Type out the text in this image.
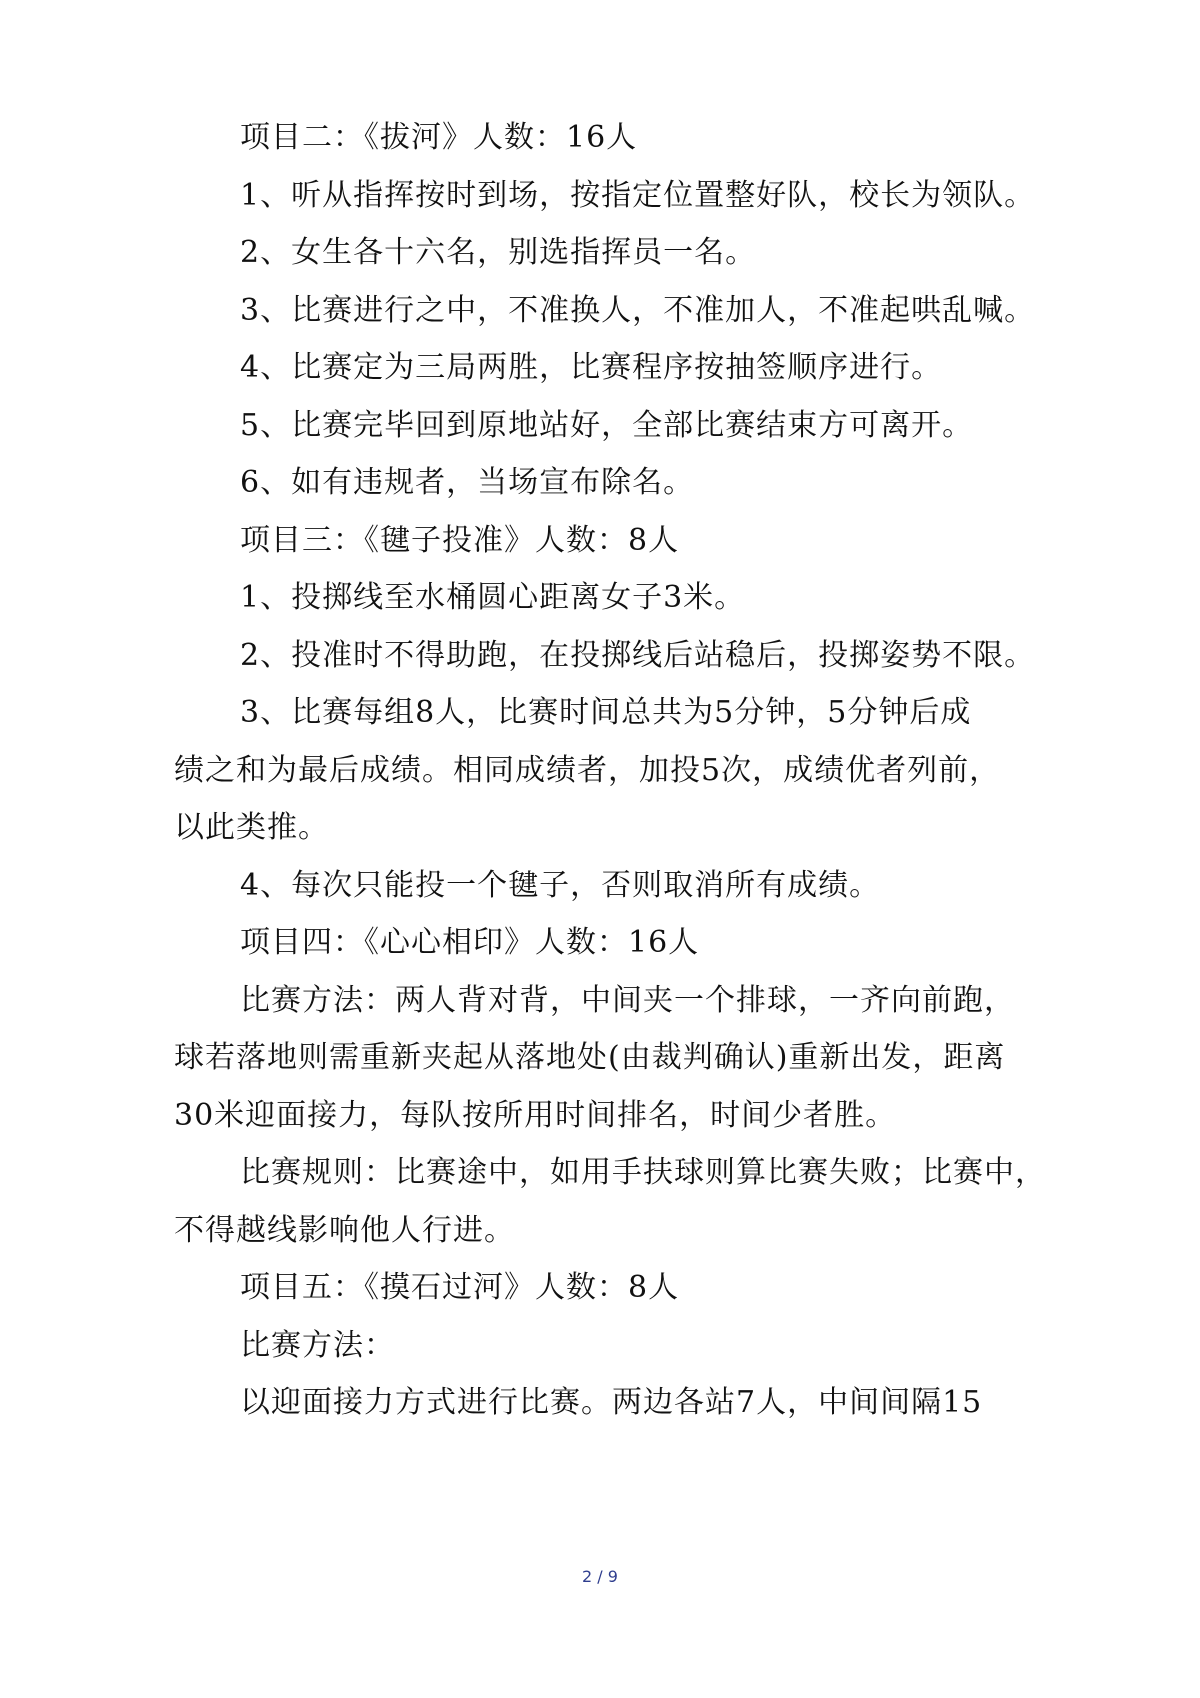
项目二：《拔河》人数：16人
1、听从指挥按时到场，按指定位置整好队，校长为领队。
2、女生各十六名，别选指挥员一名。
3、比赛进行之中，不准换人，不准加人，不准起哄乱喊。
4、比赛定为三局两胜，比赛程序按抽签顺序进行。
5、比赛完毕回到原地站好，全部比赛结束方可离开。
6、如有违规者，当场宣布除名。
项目三：《毽子投准》人数：8人
1、投掷线至水桶圆心距离女子3米。
2、投准时不得助跑，在投掷线后站稳后，投掷姿势不限。
3、比赛每组8人，比赛时间总共为5分钟，5分钟后成
绩之和为最后成绩。相同成绩者，加投5次，成绩优者列前，
以此类推。
4、每次只能投一个毽子，否则取消所有成绩。
项目四：《心心相印》人数：16人
比赛方法：两人背对背，中间夹一个排球，一齐向前跑，
球若落地则需重新夹起从落地处(由裁判确认)重新出发，距离
30米迎面接力，每队按所用时间排名，时间少者胜。
比赛规则：比赛途中，如用手扶球则算比赛失败；比赛中，
不得越线影响他人行进。
项目五：《摸石过河》人数：8人
比赛方法：
以迎面接力方式进行比赛。两边各站7人，中间间隔15
2 / 9
